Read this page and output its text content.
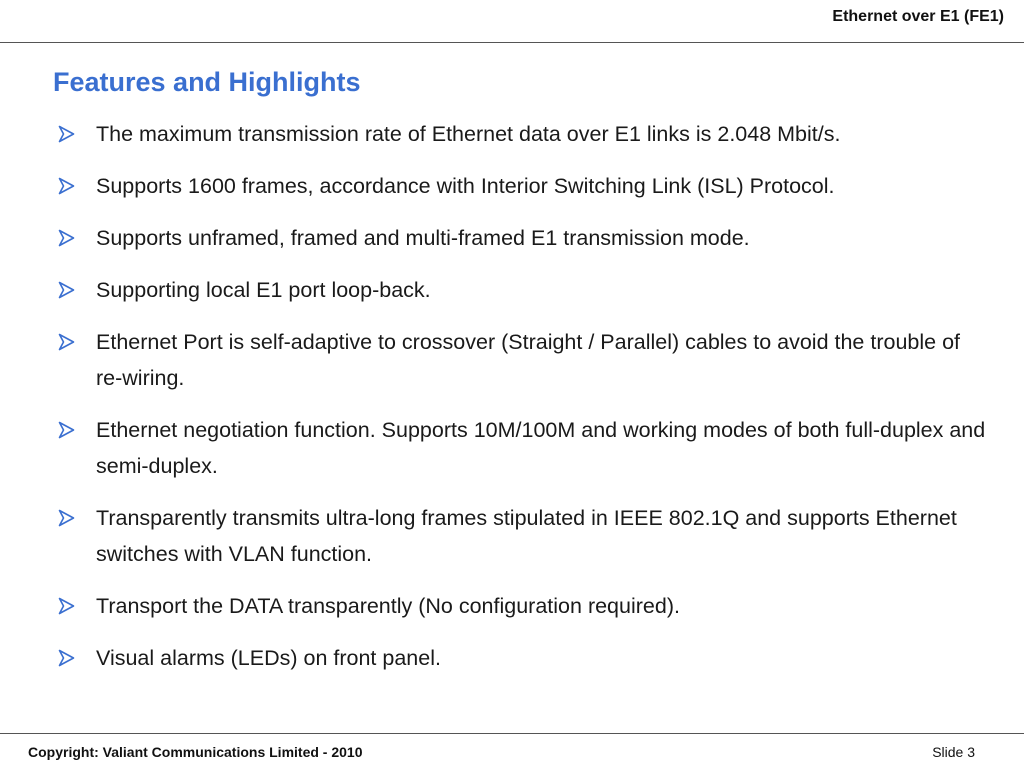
Ethernet over E1 (FE1)
Features and Highlights
The maximum transmission rate of Ethernet data over E1 links is 2.048 Mbit/s.
Supports 1600 frames, accordance with Interior Switching Link (ISL) Protocol.
Supports unframed, framed and multi-framed E1 transmission mode.
Supporting local E1 port loop-back.
Ethernet Port is self-adaptive to crossover (Straight / Parallel) cables to avoid the trouble of re-wiring.
Ethernet negotiation function. Supports 10M/100M and working modes of both full-duplex and semi-duplex.
Transparently transmits ultra-long frames stipulated in IEEE 802.1Q and supports Ethernet switches with VLAN function.
Transport the DATA transparently (No configuration required).
Visual alarms (LEDs) on front panel.
Copyright: Valiant Communications Limited - 2010	Slide 3
